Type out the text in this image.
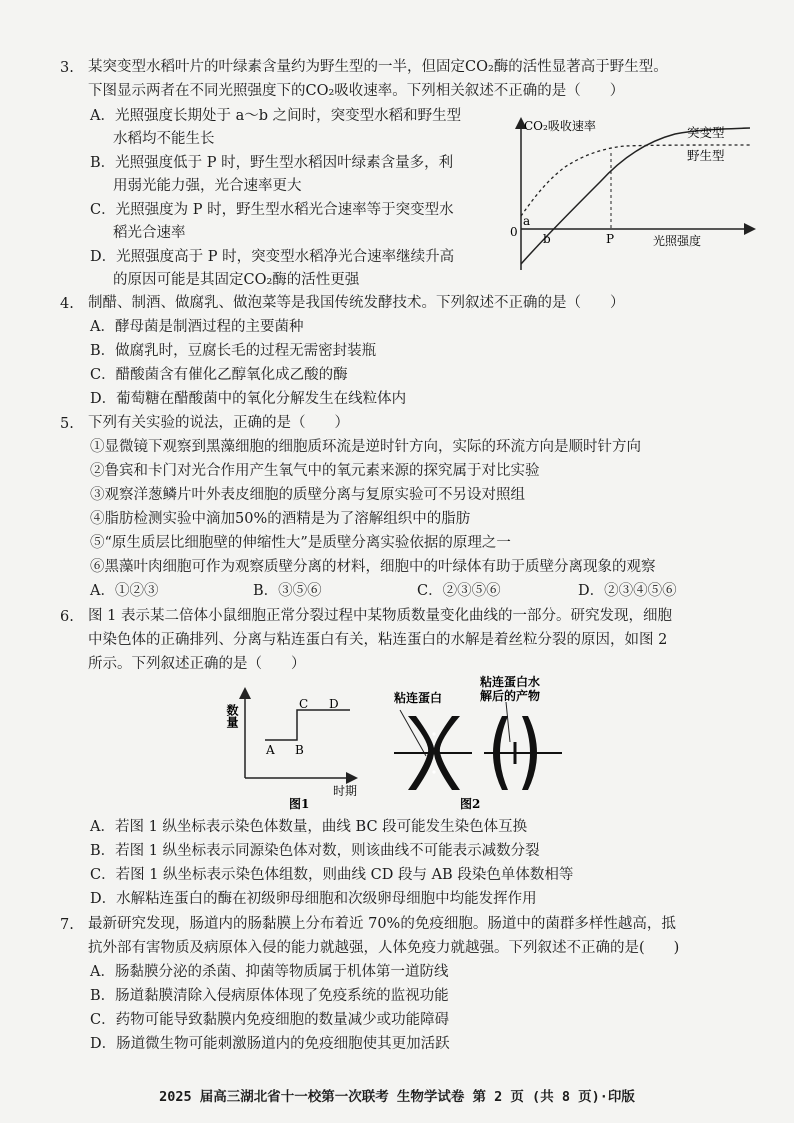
3. 某突变型水稻叶片的叶绿素含量约为野生型的一半，但固定CO₂酶的活性显著高于野生型。
下图显示两者在不同光照强度下的CO₂吸收速率。下列相关叙述不正确的是（　　）
A．光照强度长期处于 a～b 之间时，突变型水稻和野生型
水稻均不能生长
B．光照强度低于 P 时，野生型水稻因叶绿素含量多，利
用弱光能力强，光合速率更大
C．光照强度为 P 时，野生型水稻光合速率等于突变型水
稻光合速率
D．光照强度高于 P 时，突变型水稻净光合速率继续升高
的原因可能是其固定CO₂酶的活性更强
CO₂吸收速率
0
光照强度
a
b	P
突变型
野生型
4. 制醋、制酒、做腐乳、做泡菜等是我国传统发酵技术。下列叙述不正确的是（　　）
A．酵母菌是制酒过程的主要菌种
B．做腐乳时，豆腐长毛的过程无需密封装瓶
C．醋酸菌含有催化乙醇氧化成乙酸的酶
D．葡萄糖在醋酸菌中的氧化分解发生在线粒体内
5. 下列有关实验的说法，正确的是（　　）
①显微镜下观察到黑藻细胞的细胞质环流是逆时针方向，实际的环流方向是顺时针方向
②鲁宾和卡门对光合作用产生氧气中的氧元素来源的探究属于对比实验
③观察洋葱鳞片叶外表皮细胞的质壁分离与复原实验可不另设对照组
④脂肪检测实验中滴加50%的酒精是为了溶解组织中的脂肪
⑤“原生质层比细胞壁的伸缩性大”是质壁分离实验依据的原理之一
⑥黑藻叶肉细胞可作为观察质壁分离的材料，细胞中的叶绿体有助于质壁分离现象的观察
A．①②③	B．③⑤⑥	C．②③⑤⑥	D．②③④⑤⑥
6. 图 1 表示某二倍体小鼠细胞正常分裂过程中某物质数量变化曲线的一部分。研究发现，细胞
中染色体的正确排列、分离与粘连蛋白有关，粘连蛋白的水解是着丝粒分裂的原因，如图 2
所示。下列叙述正确的是（　　）
数量
时期
A B
C D
图1
粘连蛋白
粘连蛋白水
解后的产物
图2
A．若图 1 纵坐标表示染色体数量，曲线 BC 段可能发生染色体互换
B．若图 1 纵坐标表示同源染色体对数，则该曲线不可能表示减数分裂
C．若图 1 纵坐标表示染色体组数，则曲线 CD 段与 AB 段染色单体数相等
D．水解粘连蛋白的酶在初级卵母细胞和次级卵母细胞中均能发挥作用
7. 最新研究发现，肠道内的肠黏膜上分布着近 70%的免疫细胞。肠道中的菌群多样性越高，抵
抗外部有害物质及病原体入侵的能力就越强，人体免疫力就越强。下列叙述不正确的是(　　)
A．肠黏膜分泌的杀菌、抑菌等物质属于机体第一道防线
B．肠道黏膜清除入侵病原体体现了免疫系统的监视功能
C．药物可能导致黏膜内免疫细胞的数量减少或功能障碍
D．肠道微生物可能刺激肠道内的免疫细胞使其更加活跃
2025 届高三湖北省十一校第一次联考 生物学试卷 第 2 页 (共 8 页)·印版
